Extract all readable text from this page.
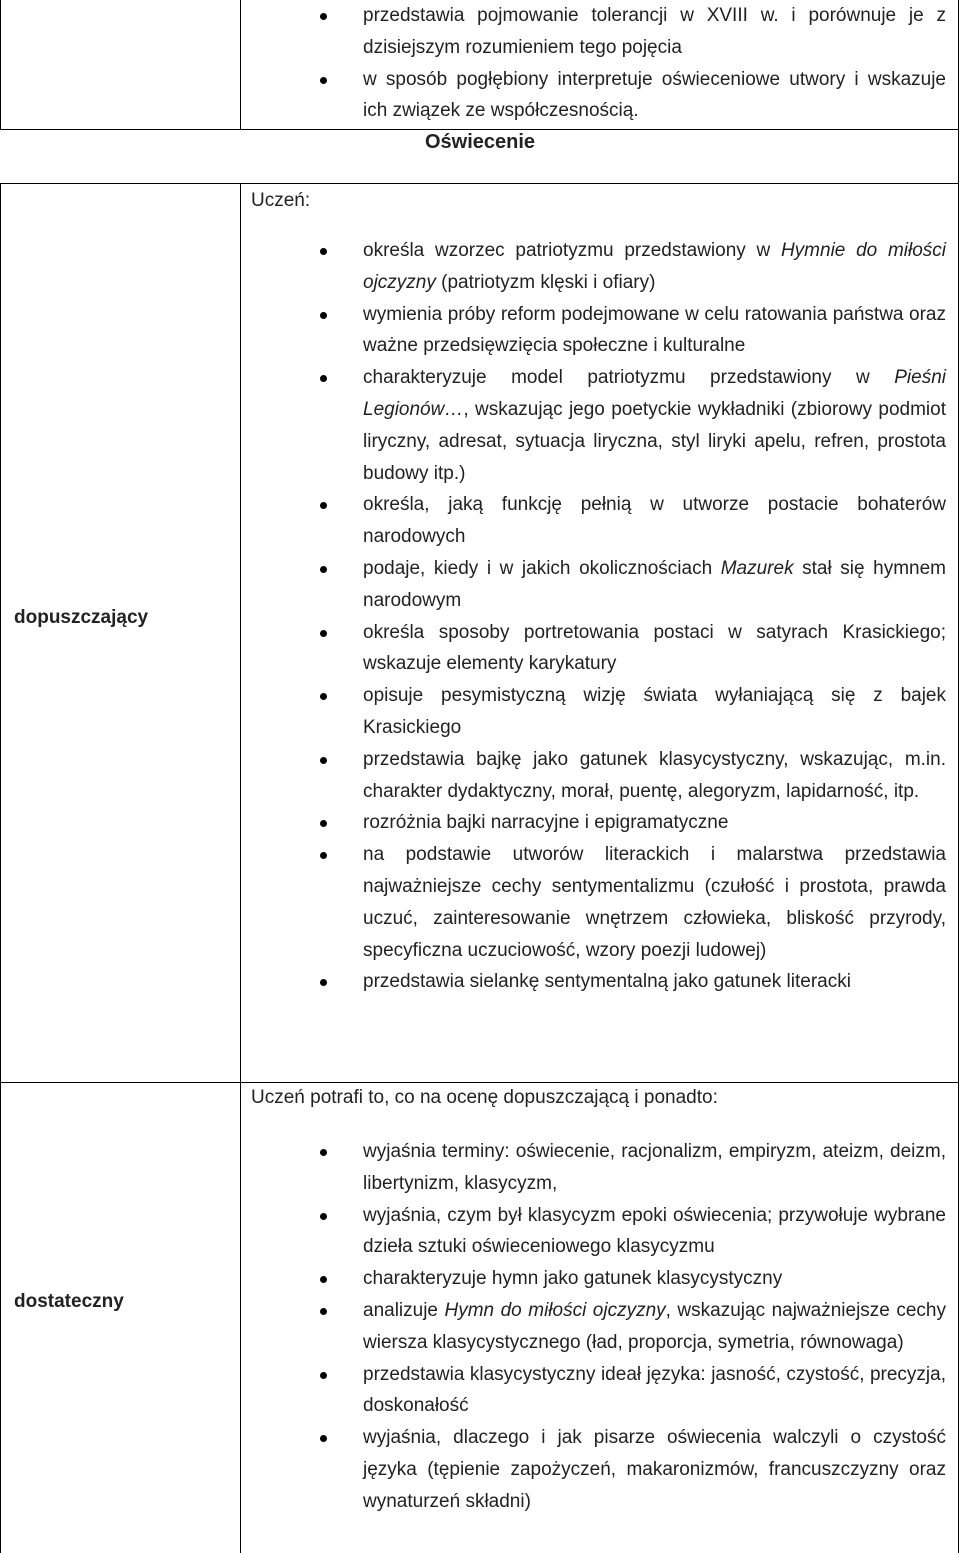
przedstawia pojmowanie tolerancji w XVIII w. i porównuje je z dzisiejszym rozumieniem tego pojęcia
w sposób pogłębiony interpretuje oświeceniowe utwory i wskazuje ich związek ze współczesnością.
Oświecenie
Uczeń:
dopuszczający
określa wzorzec patriotyzmu przedstawiony w Hymnie do miłości ojczyzny (patriotyzm klęski i ofiary)
wymienia próby reform podejmowane w celu ratowania państwa oraz ważne przedsięwzięcia społeczne i kulturalne
charakteryzuje model patriotyzmu przedstawiony w Pieśni Legionów…, wskazując jego poetyckie wykładniki (zbiorowy podmiot liryczny, adresat, sytuacja liryczna, styl liryki apelu, refren, prostota budowy itp.)
określa, jaką funkcję pełnią w utworze postacie bohaterów narodowych
podaje, kiedy i w jakich okolicznościach Mazurek stał się hymnem narodowym
określa sposoby portretowania postaci w satyrach Krasickiego; wskazuje elementy karykatury
opisuje pesymistyczną wizję świata wyłaniającą się z bajek Krasickiego
przedstawia bajkę jako gatunek klasycystyczny, wskazując, m.in. charakter dydaktyczny, morał, puentę, alegoryzm, lapidarność, itp.
rozróżnia bajki narracyjne i epigramatyczne
na podstawie utworów literackich i malarstwa przedstawia najważniejsze cechy sentymentalizmu (czułość i prostota, prawda uczuć, zainteresowanie wnętrzem człowieka, bliskość przyrody, specyficzna uczuciowość, wzory poezji ludowej)
przedstawia sielankę sentymentalną jako gatunek literacki
Uczeń potrafi to, co na ocenę dopuszczającą i ponadto:
dostateczny
wyjaśnia terminy: oświecenie, racjonalizm, empiryzm, ateizm, deizm, libertynizm, klasycyzm,
wyjaśnia, czym był klasycyzm epoki oświecenia; przywołuje wybrane dzieła sztuki oświeceniowego klasycyzmu
charakteryzuje hymn jako gatunek klasycystyczny
analizuje Hymn do miłości ojczyzny, wskazując najważniejsze cechy wiersza klasycystycznego (ład, proporcja, symetria, równowaga)
przedstawia klasycystyczny ideał języka: jasność, czystość, precyzja, doskonałość
wyjaśnia, dlaczego i jak pisarze oświecenia walczyli o czystość języka (tępienie zapożyczeń, makaronizmów, francuszczyzny oraz wynaturzeń składni)
